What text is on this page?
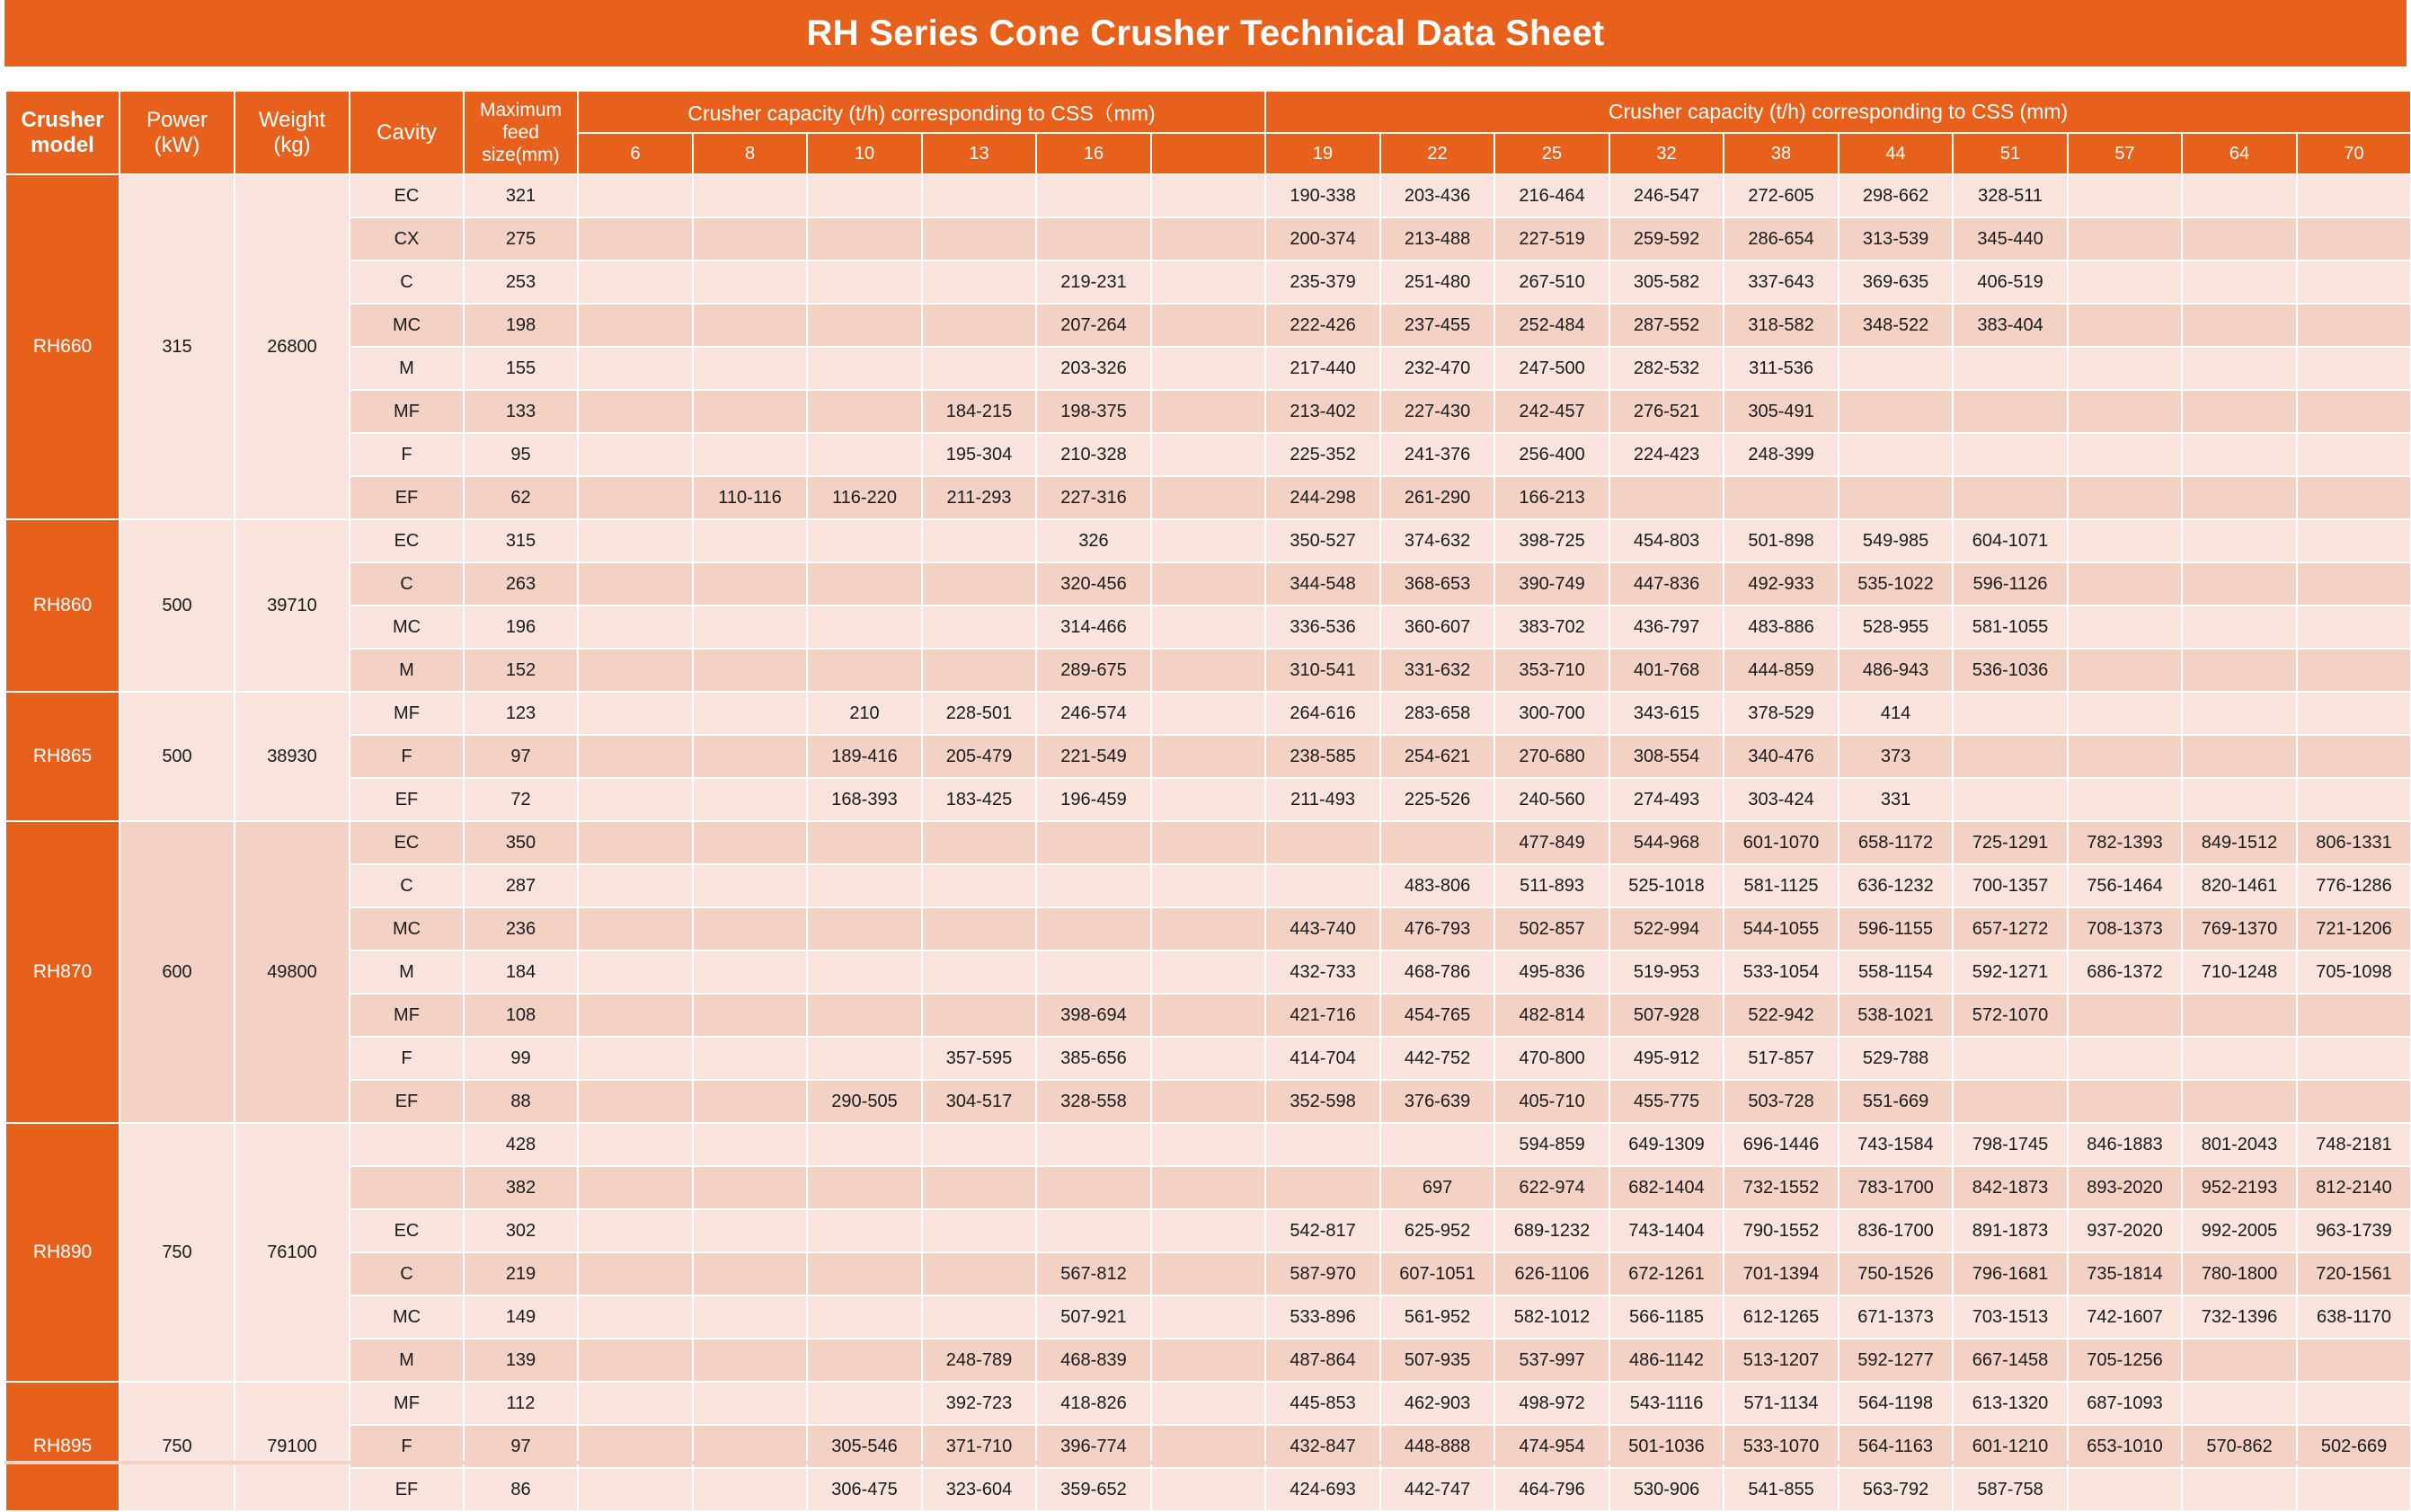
RH Series Cone Crusher Technical Data Sheet
Crusher
model	Power
(kW)	Weight
(kg)	Cavity	Maximum
feed
size(mm)	Crusher capacity (t/h) corresponding to CSS（mm)						Crusher capacity (t/h) corresponding to CSS (mm)									
					6	8	10	13	16		19	22	25	32	38	44	51	57	64	70
RH660	315	26800	EC	321							190-338	203-436	216-464	246-547	272-605	298-662	328-511			
			CX	275							200-374	213-488	227-519	259-592	286-654	313-539	345-440			
			C	253					219-231		235-379	251-480	267-510	305-582	337-643	369-635	406-519			
			MC	198					207-264		222-426	237-455	252-484	287-552	318-582	348-522	383-404			
			M	155					203-326		217-440	232-470	247-500	282-532	311-536					
			MF	133				184-215	198-375		213-402	227-430	242-457	276-521	305-491					
			F	95				195-304	210-328		225-352	241-376	256-400	224-423	248-399					
			EF	62		110-116	116-220	211-293	227-316		244-298	261-290	166-213							
RH860	500	39710	EC	315					326		350-527	374-632	398-725	454-803	501-898	549-985	604-1071			
			C	263					320-456		344-548	368-653	390-749	447-836	492-933	535-1022	596-1126			
			MC	196					314-466		336-536	360-607	383-702	436-797	483-886	528-955	581-1055			
			M	152					289-675		310-541	331-632	353-710	401-768	444-859	486-943	536-1036			
RH865	500	38930	MF	123			210	228-501	246-574		264-616	283-658	300-700	343-615	378-529	414				
			F	97			189-416	205-479	221-549		238-585	254-621	270-680	308-554	340-476	373				
			EF	72			168-393	183-425	196-459		211-493	225-526	240-560	274-493	303-424	331				
RH870	600	49800	EC	350									477-849	544-968	601-1070	658-1172	725-1291	782-1393	849-1512	806-1331
			C	287								483-806	511-893	525-1018	581-1125	636-1232	700-1357	756-1464	820-1461	776-1286
			MC	236							443-740	476-793	502-857	522-994	544-1055	596-1155	657-1272	708-1373	769-1370	721-1206
			M	184							432-733	468-786	495-836	519-953	533-1054	558-1154	592-1271	686-1372	710-1248	705-1098
			MF	108					398-694		421-716	454-765	482-814	507-928	522-942	538-1021	572-1070			
			F	99				357-595	385-656		414-704	442-752	470-800	495-912	517-857	529-788				
			EF	88			290-505	304-517	328-558		352-598	376-639	405-710	455-775	503-728	551-669				
RH890	750	76100		428									594-859	649-1309	696-1446	743-1584	798-1745	846-1883	801-2043	748-2181
				382								697	622-974	682-1404	732-1552	783-1700	842-1873	893-2020	952-2193	812-2140
			EC	302							542-817	625-952	689-1232	743-1404	790-1552	836-1700	891-1873	937-2020	992-2005	963-1739
			C	219					567-812		587-970	607-1051	626-1106	672-1261	701-1394	750-1526	796-1681	735-1814	780-1800	720-1561
			MC	149					507-921		533-896	561-952	582-1012	566-1185	612-1265	671-1373	703-1513	742-1607	732-1396	638-1170
			M	139				248-789	468-839		487-864	507-935	537-997	486-1142	513-1207	592-1277	667-1458	705-1256		
RH895	750	79100	MF	112				392-723	418-826		445-853	462-903	498-972	543-1116	571-1134	564-1198	613-1320	687-1093		
			F	97			305-546	371-710	396-774		432-847	448-888	474-954	501-1036	533-1070	564-1163	601-1210	653-1010	570-862	502-669
			EF	86			306-475	323-604	359-652		424-693	442-747	464-796	530-906	541-855	563-792	587-758			
